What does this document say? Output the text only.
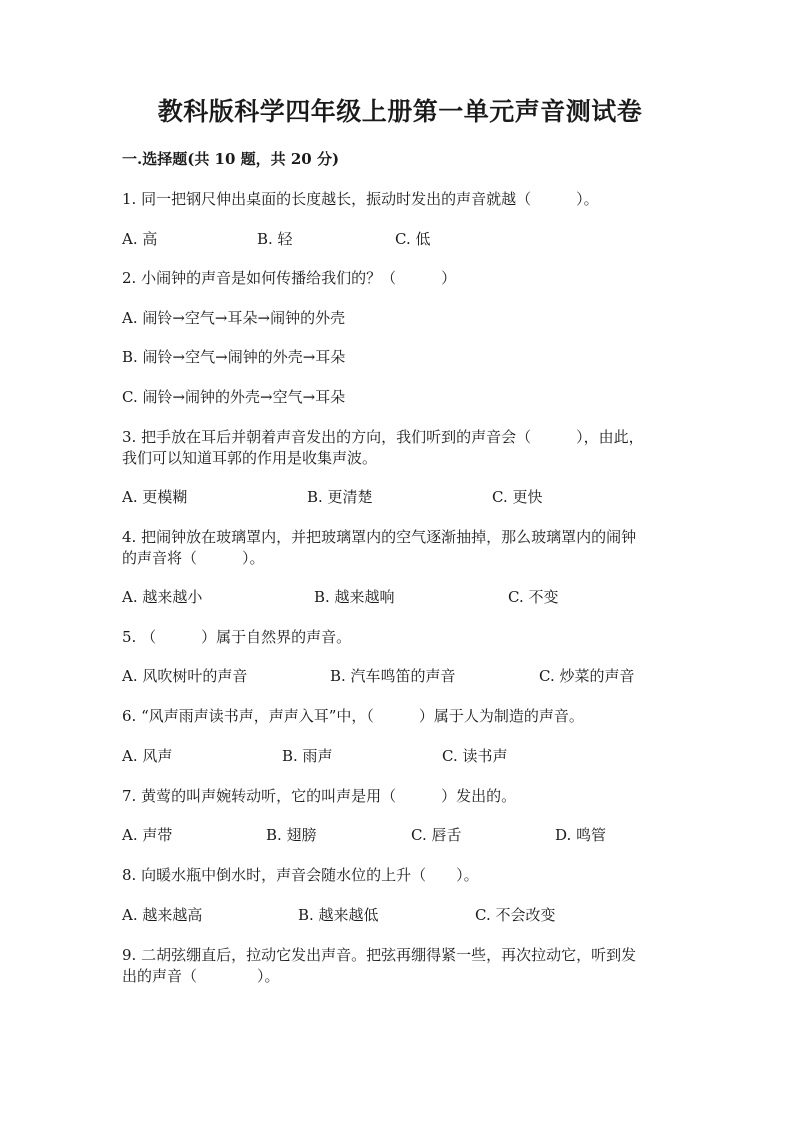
教科版科学四年级上册第一单元声音测试卷
一.选择题(共 10 题，共 20 分)
1. 同一把钢尺伸出桌面的长度越长，振动时发出的声音就越（　　　）。
A. 高	B. 轻	C. 低
2. 小闹钟的声音是如何传播给我们的？（　　　）
A. 闹铃→空气→耳朵→闹钟的外壳
B. 闹铃→空气→闹钟的外壳→耳朵
C. 闹铃→闹钟的外壳→空气→耳朵
3. 把手放在耳后并朝着声音发出的方向，我们听到的声音会（　　　），由此，
我们可以知道耳郭的作用是收集声波。
A. 更模糊	B. 更清楚	C. 更快
4. 把闹钟放在玻璃罩内，并把玻璃罩内的空气逐渐抽掉，那么玻璃罩内的闹钟
的声音将（　　　）。
A. 越来越小	B. 越来越响	C. 不变
5. （　　　）属于自然界的声音。
A. 风吹树叶的声音	B. 汽车鸣笛的声音	C. 炒菜的声音
6. “风声雨声读书声，声声入耳”中，（　　　）属于人为制造的声音。
A. 风声	B. 雨声	C. 读书声
7. 黄莺的叫声婉转动听，它的叫声是用（　　　）发出的。
A. 声带	B. 翅膀	C. 唇舌	D. 鸣管
8. 向暖水瓶中倒水时，声音会随水位的上升（　　）。
A. 越来越高	B. 越来越低	C. 不会改变
9. 二胡弦绷直后，拉动它发出声音。把弦再绷得紧一些，再次拉动它，听到发
出的声音（　　　　）。
